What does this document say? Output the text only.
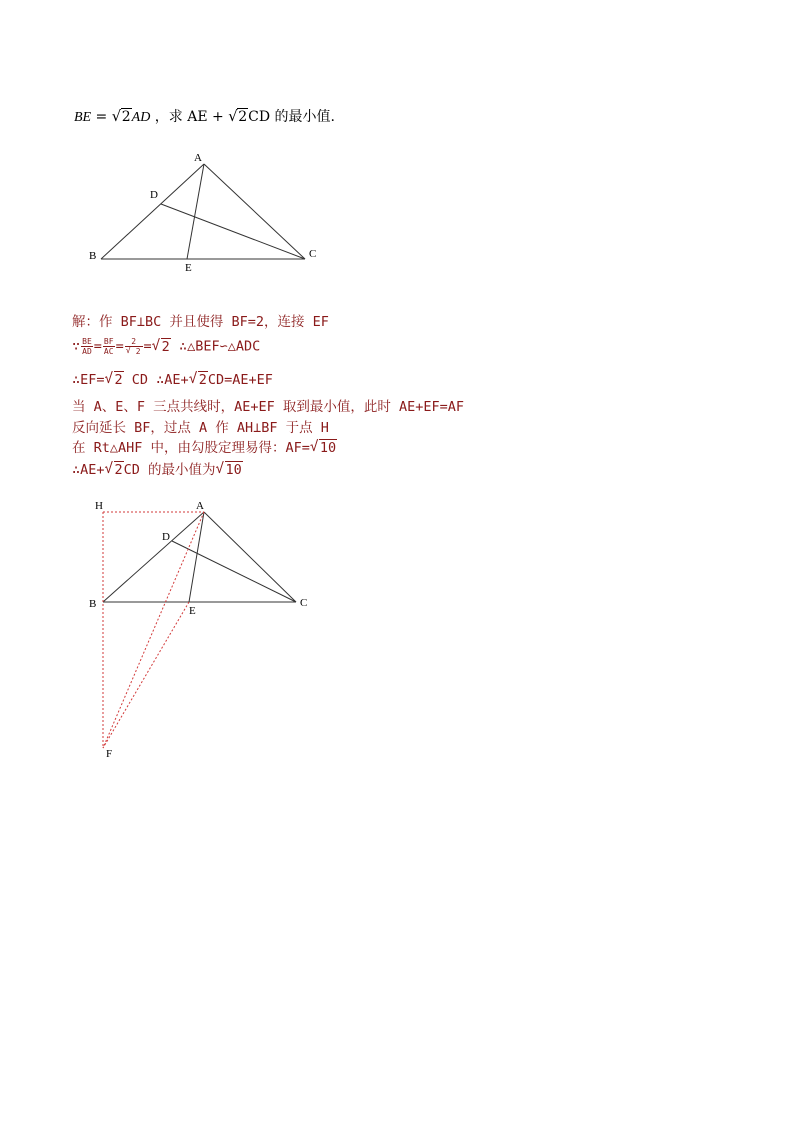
BE = √ 2AD ，求 AE + √ 2CD 的最小值.
A
B	C
D
E
H	A
B	C
D
E
F
解：作 BF⊥BC 并且使得 BF=2，连接 EF
∵ $\frac{BE}{AD} = \frac{BF}{AC} = 2$
√ 2 = √ 2 ∴△BEF∽△ADC
∴EF= √ 2 CD ∴AE+ √ 2CD=AE+EF
当 A、E、F 三点共线时，AE+EF 取到最小值，此时 AE+EF=AF
反向延长 BF，过点 A 作 AH⊥BF 于点 H
在 Rt△AHF 中，由勾股定理易得：AF= √ 10
∴AE+ √ 2CD 的最小值为 √ 10
